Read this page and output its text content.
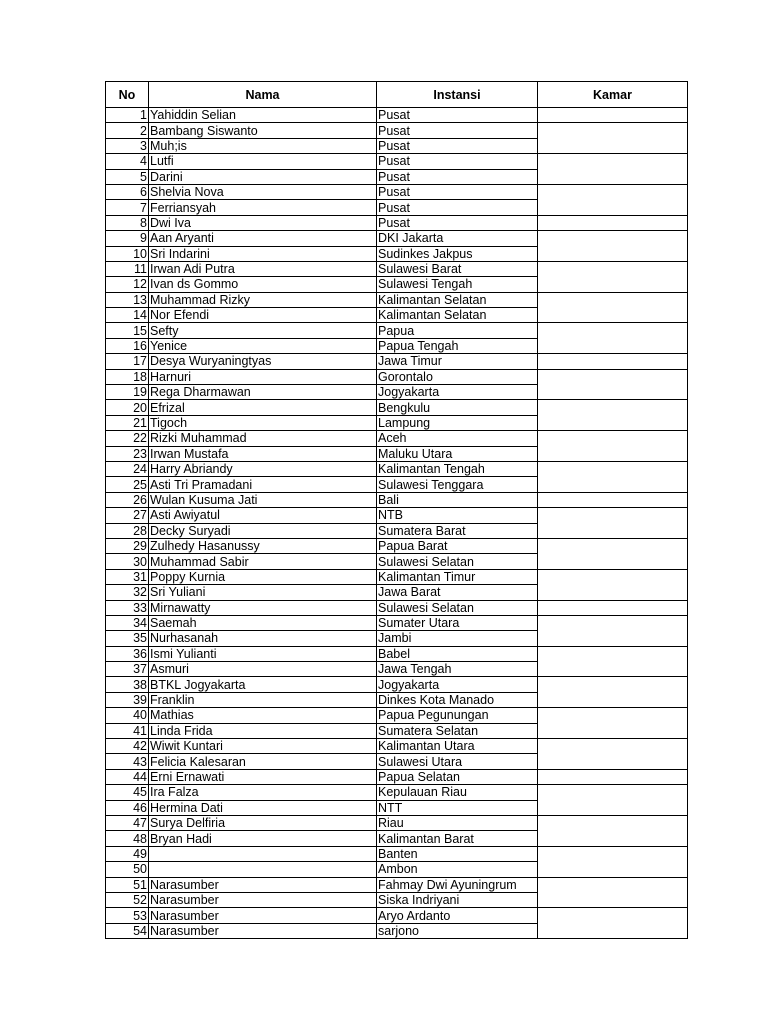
No	Nama	Instansi	Kamar
1	Yahiddin Selian	Pusat	
2	Bambang Siswanto	Pusat	
3	Muh;is	Pusat	
4	Lutfi	Pusat	
5	Darini	Pusat	
6	Shelvia Nova	Pusat	
7	Ferriansyah	Pusat	
8	Dwi Iva	Pusat	
9	Aan Aryanti	DKI Jakarta	
10	Sri Indarini	Sudinkes Jakpus	
11	Irwan Adi Putra	Sulawesi Barat	
12	Ivan ds Gommo	Sulawesi Tengah	
13	Muhammad Rizky	Kalimantan Selatan	
14	Nor Efendi	Kalimantan Selatan	
15	Sefty	Papua	
16	Yenice	Papua Tengah	
17	Desya Wuryaningtyas	Jawa Timur	
18	Harnuri	Gorontalo	
19	Rega Dharmawan	Jogyakarta	
20	Efrizal	Bengkulu	
21	Tigoch	Lampung	
22	Rizki Muhammad	Aceh	
23	Irwan Mustafa	Maluku Utara	
24	Harry Abriandy	Kalimantan Tengah	
25	Asti Tri Pramadani	Sulawesi Tenggara	
26	Wulan Kusuma Jati	Bali	
27	Asti Awiyatul	NTB	
28	Decky Suryadi	Sumatera Barat	
29	Zulhedy Hasanussy	Papua Barat	
30	Muhammad Sabir	Sulawesi Selatan	
31	Poppy Kurnia	Kalimantan Timur	
32	Sri Yuliani	Jawa Barat	
33	Mirnawatty	Sulawesi Selatan	
34	Saemah	Sumater Utara	
35	Nurhasanah	Jambi	
36	Ismi Yulianti	Babel	
37	Asmuri	Jawa Tengah	
38	BTKL Jogyakarta	Jogyakarta	
39	Franklin	Dinkes Kota Manado	
40	Mathias	Papua Pegunungan	
41	Linda Frida	Sumatera Selatan	
42	Wiwit Kuntari	Kalimantan Utara	
43	Felicia Kalesaran	Sulawesi Utara	
44	Erni Ernawati	Papua Selatan	
45	Ira Falza	Kepulauan Riau	
46	Hermina Dati	NTT	
47	Surya Delfiria	Riau	
48	Bryan Hadi	Kalimantan Barat	
49		Banten	
50		Ambon	
51	Narasumber	Fahmay Dwi Ayuningrum	
52	Narasumber	Siska Indriyani	
53	Narasumber	Aryo Ardanto	
54	Narasumber	sarjono	
